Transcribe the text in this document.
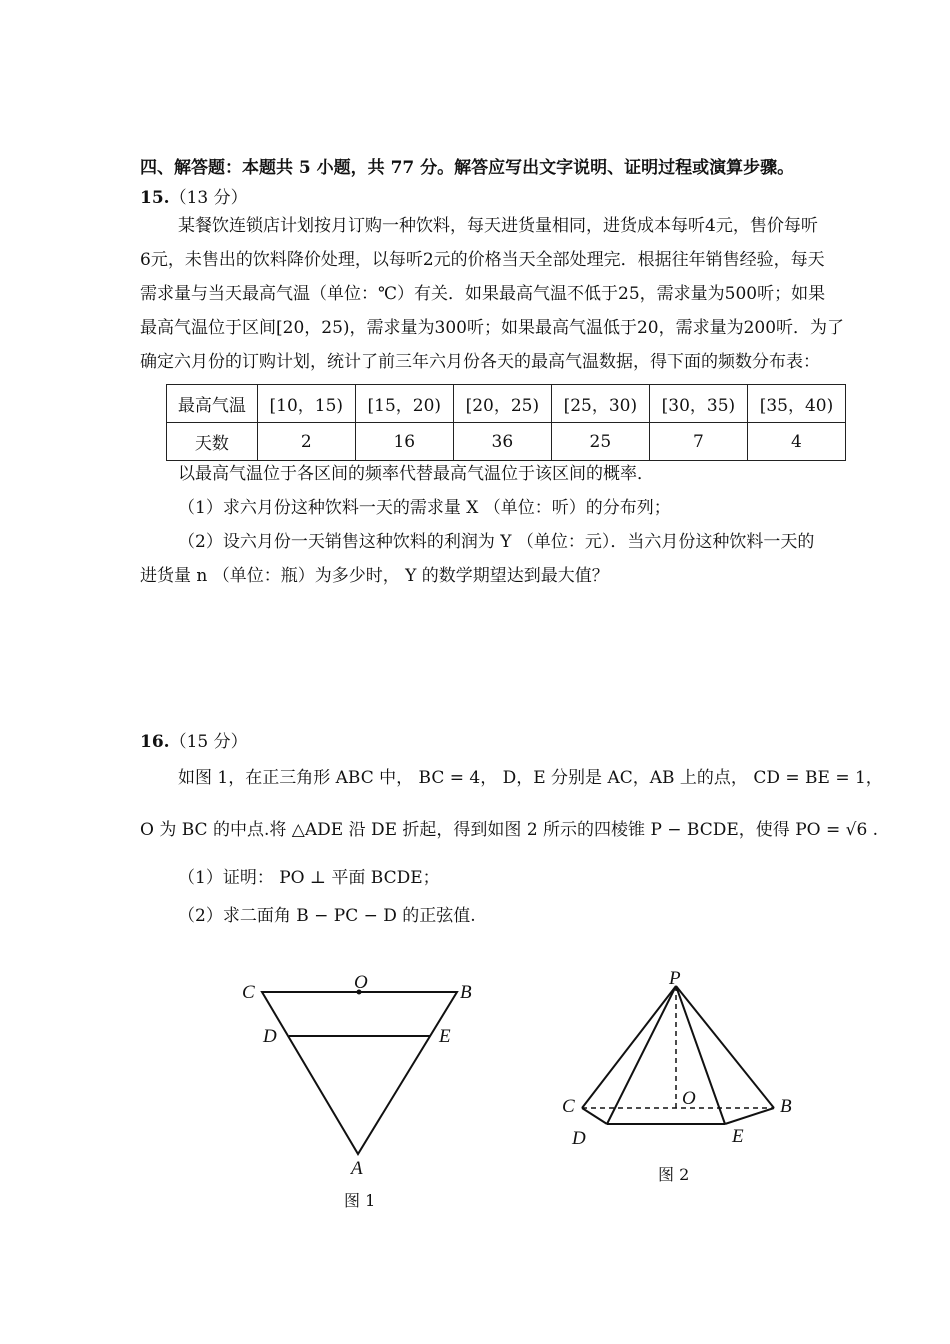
四、解答题：本题共 5 小题，共 77 分。解答应写出文字说明、证明过程或演算步骤。
15.（13 分）
某餐饮连锁店计划按月订购一种饮料，每天进货量相同，进货成本每听4元，售价每听
6元，未售出的饮料降价处理，以每听2元的价格当天全部处理完．根据往年销售经验，每天
需求量与当天最高气温（单位：℃）有关．如果最高气温不低于25，需求量为500听；如果
最高气温位于区间[20，25)，需求量为300听；如果最高气温低于20，需求量为200听．为了
确定六月份的订购计划，统计了前三年六月份各天的最高气温数据，得下面的频数分布表：
最高气温	[10，15)	[15，20)	[20，25)	[25，30)	[30，35)	[35，40)
天数	2	16	36	25	7	4
以最高气温位于各区间的频率代替最高气温位于该区间的概率．
（1）求六月份这种饮料一天的需求量 X （单位：听）的分布列；
（2）设六月份一天销售这种饮料的利润为 Y （单位：元）．当六月份这种饮料一天的
进货量 n （单位：瓶）为多少时， Y 的数学期望达到最大值？
16.（15 分）
如图 1，在正三角形 ABC 中， BC = 4， D，E 分别是 AC，AB 上的点， CD = BE = 1，
O 为 BC 的中点.将 △ADE 沿 DE 折起，得到如图 2 所示的四棱锥 P − BCDE，使得 PO = √6 .
（1）证明： PO ⊥ 平面 BCDE；
（2）求二面角 B − PC − D 的正弦值.
C	O	B
D	E
A
图 1
P
C	O	B
D	E
图 2
